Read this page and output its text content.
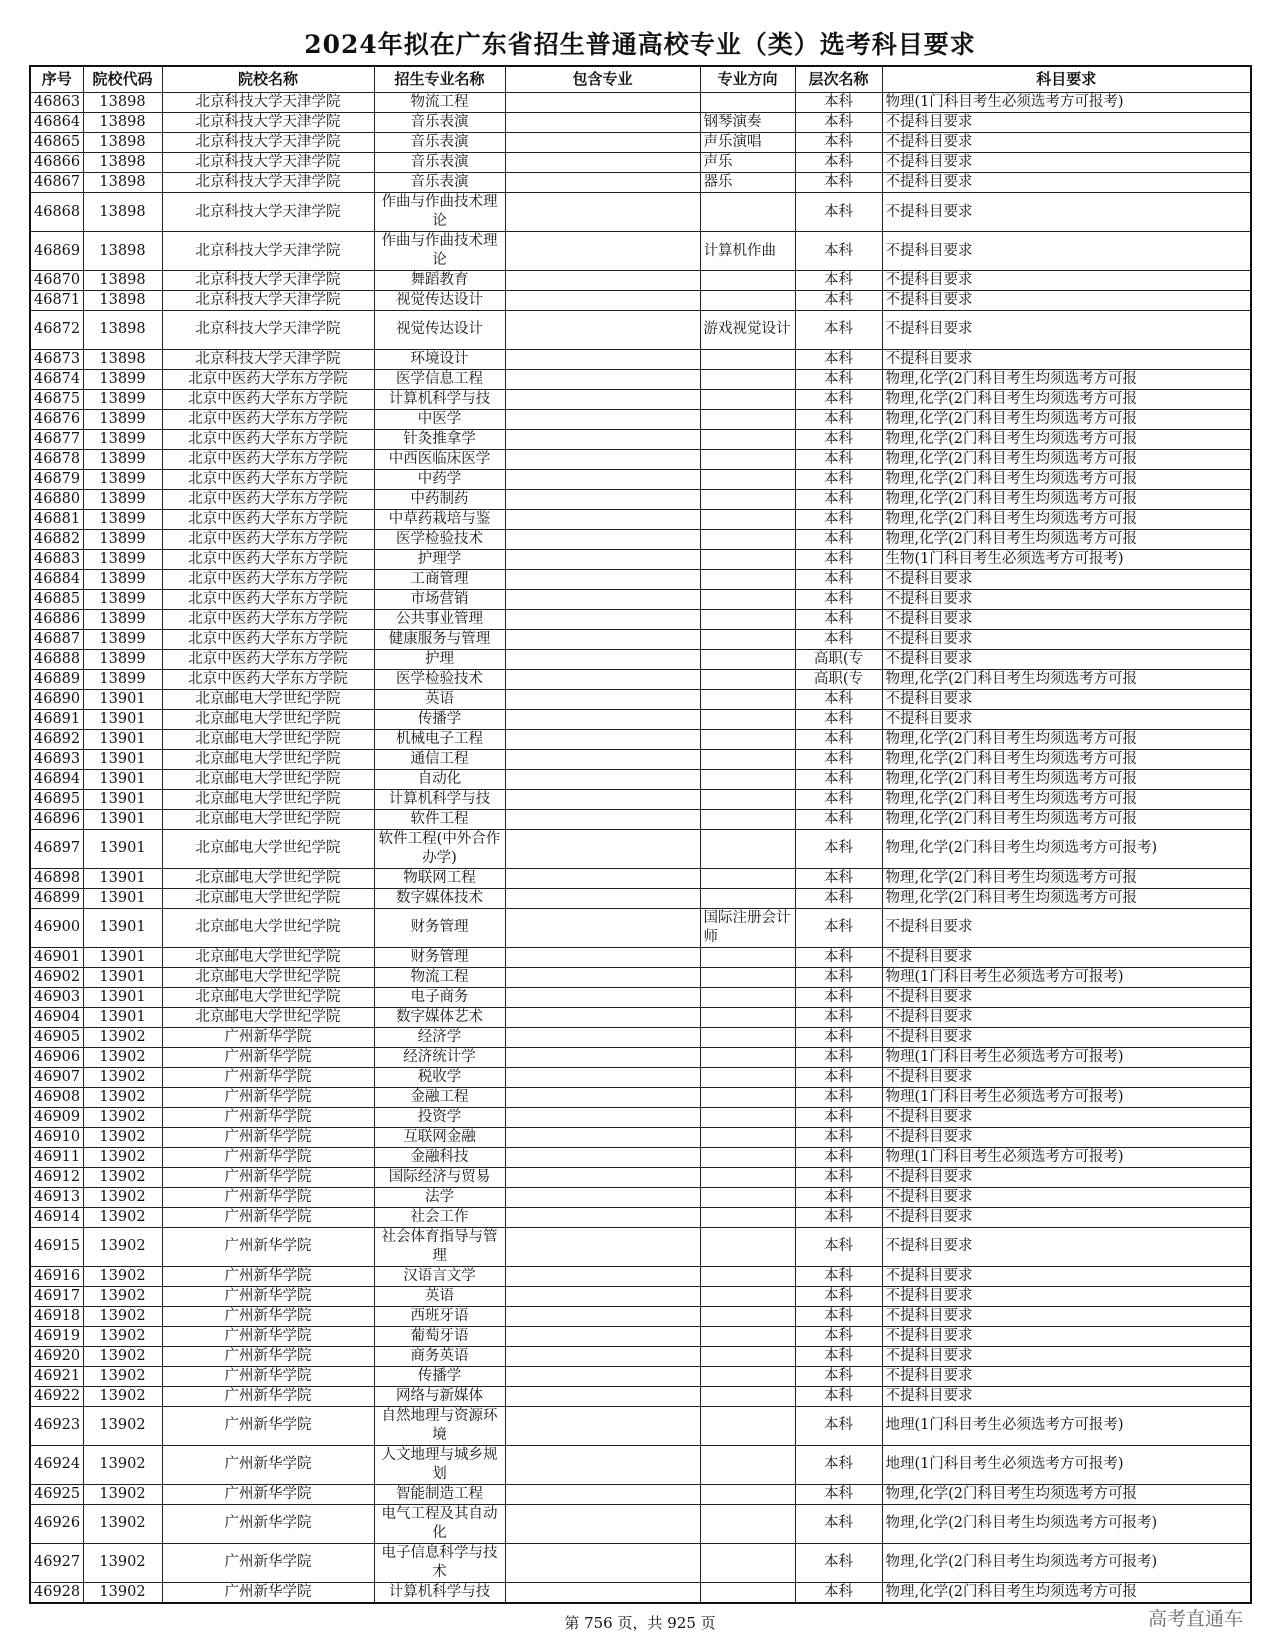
2024年拟在广东省招生普通高校专业（类）选考科目要求
序号	院校代码	院校名称	招生专业名称	包含专业	专业方向	层次名称	科目要求
46863	13898	北京科技大学天津学院	物流工程			本科	物理(1门科目考生必须选考方可报考)
46864	13898	北京科技大学天津学院	音乐表演		钢琴演奏	本科	不提科目要求
46865	13898	北京科技大学天津学院	音乐表演		声乐演唱	本科	不提科目要求
46866	13898	北京科技大学天津学院	音乐表演		声乐	本科	不提科目要求
46867	13898	北京科技大学天津学院	音乐表演		器乐	本科	不提科目要求
46868	13898	北京科技大学天津学院	作曲与作曲技术理论			本科	不提科目要求
46869	13898	北京科技大学天津学院	作曲与作曲技术理论		计算机作曲	本科	不提科目要求
46870	13898	北京科技大学天津学院	舞蹈教育			本科	不提科目要求
46871	13898	北京科技大学天津学院	视觉传达设计			本科	不提科目要求
46872	13898	北京科技大学天津学院	视觉传达设计		游戏视觉设计	本科	不提科目要求
46873	13898	北京科技大学天津学院	环境设计			本科	不提科目要求
46874	13899	北京中医药大学东方学院	医学信息工程			本科	物理,化学(2门科目考生均须选考方可报
46875	13899	北京中医药大学东方学院	计算机科学与技			本科	物理,化学(2门科目考生均须选考方可报
46876	13899	北京中医药大学东方学院	中医学			本科	物理,化学(2门科目考生均须选考方可报
46877	13899	北京中医药大学东方学院	针灸推拿学			本科	物理,化学(2门科目考生均须选考方可报
46878	13899	北京中医药大学东方学院	中西医临床医学			本科	物理,化学(2门科目考生均须选考方可报
46879	13899	北京中医药大学东方学院	中药学			本科	物理,化学(2门科目考生均须选考方可报
46880	13899	北京中医药大学东方学院	中药制药			本科	物理,化学(2门科目考生均须选考方可报
46881	13899	北京中医药大学东方学院	中草药栽培与鉴			本科	物理,化学(2门科目考生均须选考方可报
46882	13899	北京中医药大学东方学院	医学检验技术			本科	物理,化学(2门科目考生均须选考方可报
46883	13899	北京中医药大学东方学院	护理学			本科	生物(1门科目考生必须选考方可报考)
46884	13899	北京中医药大学东方学院	工商管理			本科	不提科目要求
46885	13899	北京中医药大学东方学院	市场营销			本科	不提科目要求
46886	13899	北京中医药大学东方学院	公共事业管理			本科	不提科目要求
46887	13899	北京中医药大学东方学院	健康服务与管理			本科	不提科目要求
46888	13899	北京中医药大学东方学院	护理			高职(专	不提科目要求
46889	13899	北京中医药大学东方学院	医学检验技术			高职(专	物理,化学(2门科目考生均须选考方可报
46890	13901	北京邮电大学世纪学院	英语			本科	不提科目要求
46891	13901	北京邮电大学世纪学院	传播学			本科	不提科目要求
46892	13901	北京邮电大学世纪学院	机械电子工程			本科	物理,化学(2门科目考生均须选考方可报
46893	13901	北京邮电大学世纪学院	通信工程			本科	物理,化学(2门科目考生均须选考方可报
46894	13901	北京邮电大学世纪学院	自动化			本科	物理,化学(2门科目考生均须选考方可报
46895	13901	北京邮电大学世纪学院	计算机科学与技			本科	物理,化学(2门科目考生均须选考方可报
46896	13901	北京邮电大学世纪学院	软件工程			本科	物理,化学(2门科目考生均须选考方可报
46897	13901	北京邮电大学世纪学院	软件工程(中外合作办学)			本科	物理,化学(2门科目考生均须选考方可报考)
46898	13901	北京邮电大学世纪学院	物联网工程			本科	物理,化学(2门科目考生均须选考方可报
46899	13901	北京邮电大学世纪学院	数字媒体技术			本科	物理,化学(2门科目考生均须选考方可报
46900	13901	北京邮电大学世纪学院	财务管理		国际注册会计师	本科	不提科目要求
46901	13901	北京邮电大学世纪学院	财务管理			本科	不提科目要求
46902	13901	北京邮电大学世纪学院	物流工程			本科	物理(1门科目考生必须选考方可报考)
46903	13901	北京邮电大学世纪学院	电子商务			本科	不提科目要求
46904	13901	北京邮电大学世纪学院	数字媒体艺术			本科	不提科目要求
46905	13902	广州新华学院	经济学			本科	不提科目要求
46906	13902	广州新华学院	经济统计学			本科	物理(1门科目考生必须选考方可报考)
46907	13902	广州新华学院	税收学			本科	不提科目要求
46908	13902	广州新华学院	金融工程			本科	物理(1门科目考生必须选考方可报考)
46909	13902	广州新华学院	投资学			本科	不提科目要求
46910	13902	广州新华学院	互联网金融			本科	不提科目要求
46911	13902	广州新华学院	金融科技			本科	物理(1门科目考生必须选考方可报考)
46912	13902	广州新华学院	国际经济与贸易			本科	不提科目要求
46913	13902	广州新华学院	法学			本科	不提科目要求
46914	13902	广州新华学院	社会工作			本科	不提科目要求
46915	13902	广州新华学院	社会体育指导与管理			本科	不提科目要求
46916	13902	广州新华学院	汉语言文学			本科	不提科目要求
46917	13902	广州新华学院	英语			本科	不提科目要求
46918	13902	广州新华学院	西班牙语			本科	不提科目要求
46919	13902	广州新华学院	葡萄牙语			本科	不提科目要求
46920	13902	广州新华学院	商务英语			本科	不提科目要求
46921	13902	广州新华学院	传播学			本科	不提科目要求
46922	13902	广州新华学院	网络与新媒体			本科	不提科目要求
46923	13902	广州新华学院	自然地理与资源环境			本科	地理(1门科目考生必须选考方可报考)
46924	13902	广州新华学院	人文地理与城乡规划			本科	地理(1门科目考生必须选考方可报考)
46925	13902	广州新华学院	智能制造工程			本科	物理,化学(2门科目考生均须选考方可报
46926	13902	广州新华学院	电气工程及其自动化			本科	物理,化学(2门科目考生均须选考方可报考)
46927	13902	广州新华学院	电子信息科学与技术			本科	物理,化学(2门科目考生均须选考方可报考)
46928	13902	广州新华学院	计算机科学与技			本科	物理,化学(2门科目考生均须选考方可报
第 756 页，共 925 页	高考直通车
